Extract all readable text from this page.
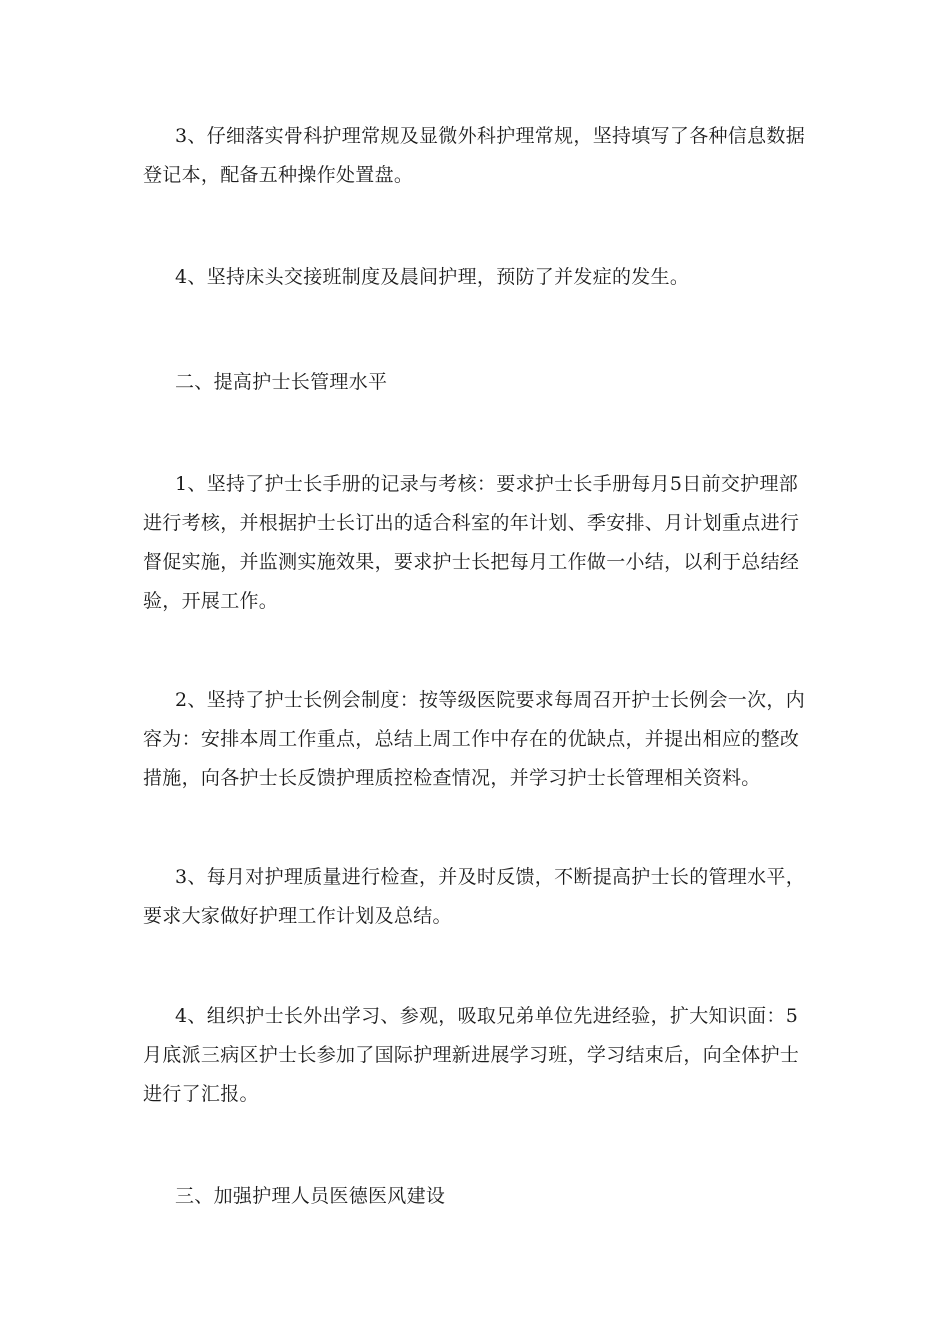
3、仔细落实骨科护理常规及显微外科护理常规，坚持填写了各种信息数据登记本，配备五种操作处置盘。

4、坚持床头交接班制度及晨间护理，预防了并发症的发生。

二、提高护士长管理水平

1、坚持了护士长手册的记录与考核：要求护士长手册每月5日前交护理部进行考核，并根据护士长订出的适合科室的年计划、季安排、月计划重点进行督促实施，并监测实施效果，要求护士长把每月工作做一小结，以利于总结经验，开展工作。

2、坚持了护士长例会制度：按等级医院要求每周召开护士长例会一次，内容为：安排本周工作重点，总结上周工作中存在的优缺点，并提出相应的整改措施，向各护士长反馈护理质控检查情况，并学习护士长管理相关资料。

3、每月对护理质量进行检查，并及时反馈，不断提高护士长的管理水平，要求大家做好护理工作计划及总结。

4、组织护士长外出学习、参观，吸取兄弟单位先进经验，扩大知识面：5月底派三病区护士长参加了国际护理新进展学习班，学习结束后，向全体护士进行了汇报。

三、加强护理人员医德医风建设
